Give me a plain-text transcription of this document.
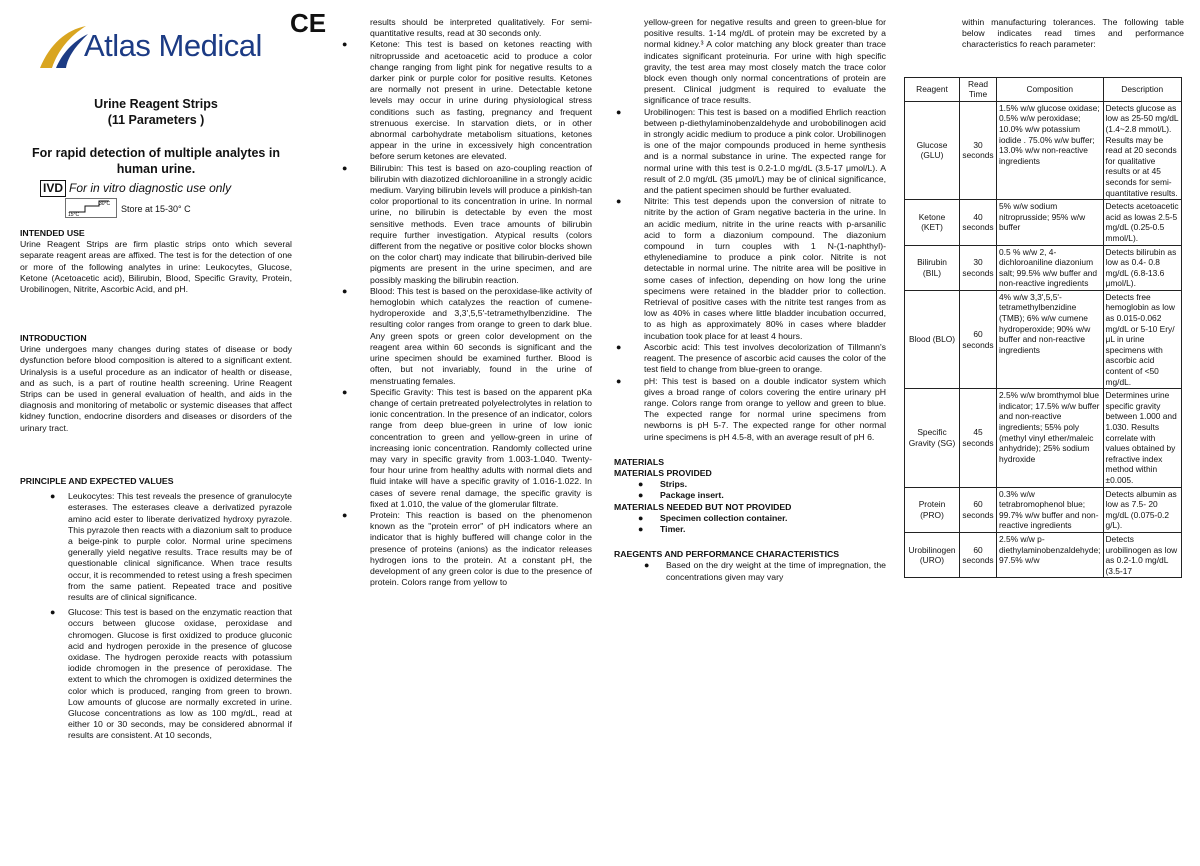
Atlas Medical
Urine Reagent Strips
(11 Parameters )
For rapid detection of multiple analytes in
human urine.
IVD For in vitro diagnostic use only
15°C
30°C Store at 15-30° C
INTENDED USE

Urine Reagent Strips are firm plastic strips onto which several separate reagent areas are affixed. The test is for the detection of one or more of the following analytes in urine: Leukocytes, Glucose, Ketone (Acetoacetic acid), Bilirubin, Blood, Specific Gravity, Protein, Urobilinogen, Nitrite, Ascorbic Acid, and pH.

INTRODUCTION

Urine undergoes many changes during states of disease or body dysfunction before blood composition is altered to a significant extent. Urinalysis is a useful procedure as an indicator of health or disease, and as such, is a part of routine health screening. Urine Reagent Strips can be used in general evaluation of health, and aids in the diagnosis and monitoring of metabolic or systemic diseases that affect kidney function, endocrine disorders and diseases or disorders of the urinary tract.

PRINCIPLE AND EXPECTED VALUES
● Leukocytes: This test reveals the presence of granulocyte esterases. The esterases cleave a derivatized pyrazole amino acid ester to liberate derivatized hydroxy pyrazole. This pyrazole then reacts with a diazonium salt to produce a beige-pink to purple color. Normal urine specimens generally yield negative results. Trace results may be of questionable clinical significance. When trace results occur, it is recommended to retest using a fresh specimen from the same patient. Repeated trace and positive results are of clinical significance.
● Glucose: This test is based on the enzymatic reaction that occurs between glucose oxidase, peroxidase and chromogen. Glucose is first oxidized to produce gluconic acid and hydrogen peroxide in the presence of glucose oxidase. The hydrogen peroxide reacts with potassium iodide chromogen in the presence of peroxidase. The extent to which the chromogen is oxidized determines the color which is produced, ranging from green to brown. Low amounts of glucose are normally excreted in urine. Glucose concentrations as low as 100 mg/dL, read at either 10 or 30 seconds, may be considered abnormal if results are consistent. At 10 seconds,
CE	results should be interpreted qualitatively. For semi-quantitative results, read at 30 seconds only.

●	Ketone: This test is based on ketones reacting with nitroprusside and acetoacetic acid to produce a color change ranging from light pink for negative results to a darker pink or purple color for positive results. Ketones are normally not present in urine. Detectable ketone levels may occur in urine during physiological stress conditions such as fasting, pregnancy and frequent strenuous exercise. In starvation diets, or in other abnormal carbohydrate metabolism situations, ketones appear in the urine in excessively high concentration before serum ketones are elevated.
●	Bilirubin: This test is based on azo-coupling reaction of bilirubin with diazotized dichloroaniline in a strongly acidic medium. Varying bilirubin levels will produce a pinkish-tan color proportional to its concentration in urine. In normal urine, no bilirubin is detectable by even the most sensitive methods. Even trace amounts of bilirubin require further investigation. Atypical results (colors different from the negative or positive color blocks shown on the color chart) may indicate that bilirubin-derived bile pigments are present in the urine specimen, and are possibly masking the bilirubin reaction.
●	Blood: This test is based on the peroxidase-like activity of hemoglobin which catalyzes the reaction of cumene-hydroperoxide and 3,3',5,5'-tetramethylbenzidine. The resulting color ranges from orange to green to dark blue. Any green spots or green color development on the reagent area within 60 seconds is significant and the urine specimen should be examined further. Blood is often, but not invariably, found in the urine of menstruating females.
●	Specific Gravity: This test is based on the apparent pKa change of certain pretreated polyelectrolytes in relation to ionic concentration. In the presence of an indicator, colors range from deep blue-green in urine of low ionic concentration to green and yellow-green in urine of increasing ionic concentration. Randomly collected urine may vary in specific gravity from 1.003-1.040. Twenty-four hour urine from healthy adults with normal diets and fluid intake will have a specific gravity of 1.016-1.022. In cases of severe renal damage, the specific gravity is fixed at 1.010, the value of the glomerular filtrate.
●	Protein: This reaction is based on the phenomenon known as the "protein error" of pH indicators where an indicator that is highly buffered will change color in the presence of proteins (anions) as the indicator releases hydrogen ions to the protein. At a constant pH, the development of any green color is due to the presence of protein. Colors range from yellow to

yellow-green for negative results and green to green-blue for positive results. 1-14 mg/dL of protein may be excreted by a normal kidney.³ A color matching any block greater than trace indicates significant proteinuria. For urine with high specific gravity, the test area may most closely match the trace color block even though only normal concentrations of protein are present. Clinical judgment is required to evaluate the significance of trace results.

●	Urobilinogen: This test is based on a modified Ehrlich reaction between p-diethylaminobenzaldehyde and urobobilinogen acid in strongly acidic medium to produce a pink color. Urobilinogen is one of the major compounds produced in heme synthesis and is a normal substance in urine. The expected range for normal urine with this test is 0.2-1.0 mg/dL (3.5-17 μmol/L). A result of 2.0 mg/dL (35 μmol/L) may be of clinical significance, and the patient specimen should be further evaluated.
●	Nitrite: This test depends upon the conversion of nitrate to nitrite by the action of Gram negative bacteria in the urine. In an acidic medium, nitrite in the urine reacts with p-arsanilic acid to form a diazonium compound. The diazonium compound in turn couples with 1 N-(1-naphthyl)-ethylenediamine to produce a pink color. Nitrite is not detectable in normal urine. The nitrite area will be positive in some cases of infection, depending on how long the urine specimens were retained in the bladder prior to collection. Retrieval of positive cases with the nitrite test ranges from as low as 40% in cases where little bladder incubation occurred, to as high as approximately 80% in cases where bladder incubation took place for at least 4 hours.
●	Ascorbic acid: This test involves decolorization of Tillmann's reagent. The presence of ascorbic acid causes the color of the test field to change from blue-green to orange.
●	pH: This test is based on a double indicator system which gives a broad range of colors covering the entire urinary pH range. Colors range from orange to yellow and green to blue. The expected range for normal urine specimens from newborns is pH 5-7. The expected range for other normal urine specimens is pH 4.5-8, with an average result of pH 6.
MATERIALS
MATERIALS PROVIDED
● Strips.
● Package insert.
MATERIALS NEEDED BUT NOT PROVIDED
● Specimen collection container.
● Timer.
RAEGENTS AND PERFORMANCE CHARACTERISTICS
● Based on the dry weight at the time of impregnation, the concentrations given may vary

within manufacturing tolerances. The following table below indicates read times and performance characteristics fo reach parameter:

Reagent	Read Time	Composition	Description
Glucose (GLU)	30 seconds	1.5% w/w glucose oxidase; 0.5% w/w peroxidase; 10.0% w/w potassium iodide . 75.0% w/w buffer; 13.0% w/w non-reactive ingredients	Detects glucose as low as 25-50 mg/dL (1.4~2.8 mmol/L). Results may be read at 20 seconds for qualitative results or at 45 seconds for semi-quantitative results.
Ketone (KET)	40 seconds	5% w/w sodium nitroprusside; 95% w/w buffer	Detects acetoacetic acid as lowas 2.5-5 mg/dL (0.25-0.5 mmol/L).
Bilirubin (BIL)	30 seconds	0.5 % w/w 2, 4-dichloroaniline diazonium salt; 99.5% w/w buffer and non-reactive ingredients	Detects bilirubin as low as 0.4- 0.8 mg/dL (6.8-13.6 μmol/L).
Blood (BLO)	60 seconds	4% w/w 3,3',5,5'-tetramethylbenzidine (TMB); 6% w/w cumene hydroperoxide; 90% w/w buffer and non-reactive ingredients	Detects free hemoglobin as low as 0.015-0.062 mg/dL or 5-10 Ery/μL in urine specimens with ascorbic acid content of <50 mg/dL.
Specific Gravity (SG)	45 seconds	2.5% w/w bromthymol blue indicator; 17.5% w/w buffer and non-reactive ingredients; 55% poly (methyl vinyl ether/maleic anhydride); 25% sodium hydroxide	Determines urine specific gravity between 1.000 and 1.030. Results correlate with values obtained by refractive index method within ±0.005.
Protein (PRO)	60 seconds	0.3% w/w tetrabromophenol blue; 99.7% w/w buffer and non-reactive ingredients	Detects albumin as low as 7.5- 20 mg/dL (0.075-0.2 g/L).
Urobilinogen (URO)	60 seconds	2.5% w/w p-diethylaminobenzaldehyde; 97.5% w/w	Detects urobilinogen as low as 0.2-1.0 mg/dL (3.5-17
